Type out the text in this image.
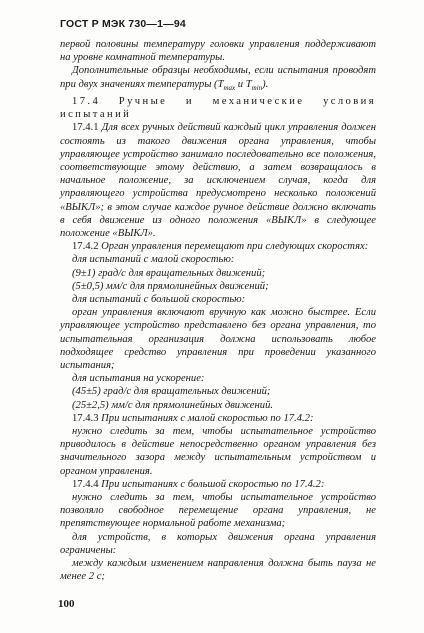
ГОСТ Р МЭК 730—1—94

первой половины температуру головки управления поддерживают на уровне комнатной температуры.

Дополнительные образцы необходимы, если испытания проводят при двух значениях температуры ($T_{max}$ и $T_{min}$).

17.4 Ручные и механические условия испытаний

17.4.1 Для всех ручных действий каждый цикл управления должен состоять из такого движения органа управления, чтобы управляющее устройство занимало последовательно все положения, соответствующие этому действию, а затем возвращалось в начальное положение, за исключением случая, когда для управляющего устройства предусмотрено несколько положений «ВЫКЛ»; в этом случае каждое ручное действие должно включать в себя движение из одного положения «ВЫКЛ» в следующее положение «ВЫКЛ».

17.4.2 Орган управления перемещают при следующих скоростях:

для испытаний с малой скоростью:

(9±1) град/с для вращательных движений;

(5±0,5) мм/с для прямолинейных движений;

для испытаний с большой скоростью:

орган управления включают вручную как можно быстрее. Если управляющее устройство представлено без органа управления, то испытательная организация должна использовать любое подходящее средство управления при проведении указанного испытания;

для испытания на ускорение:

(45±5) град/с для вращательных движений;

(25±2,5) мм/с для прямолинейных движений.

17.4.3 При испытаниях с малой скоростью по 17.4.2:

нужно следить за тем, чтобы испытательное устройство приводилось в действие непосредственно органом управления без значительного зазора между испытательным устройством и органом управления.

17.4.4 При испытаниях с большой скоростью по 17.4.2:

нужно следить за тем, чтобы испытательное устройство позволяло свободное перемещение органа управления, не препятствующее нормальной работе механизма;

для устройств, в которых движения органа управления ограничены:

между каждым изменением направления должна быть пауза не менее 2 с;

100
